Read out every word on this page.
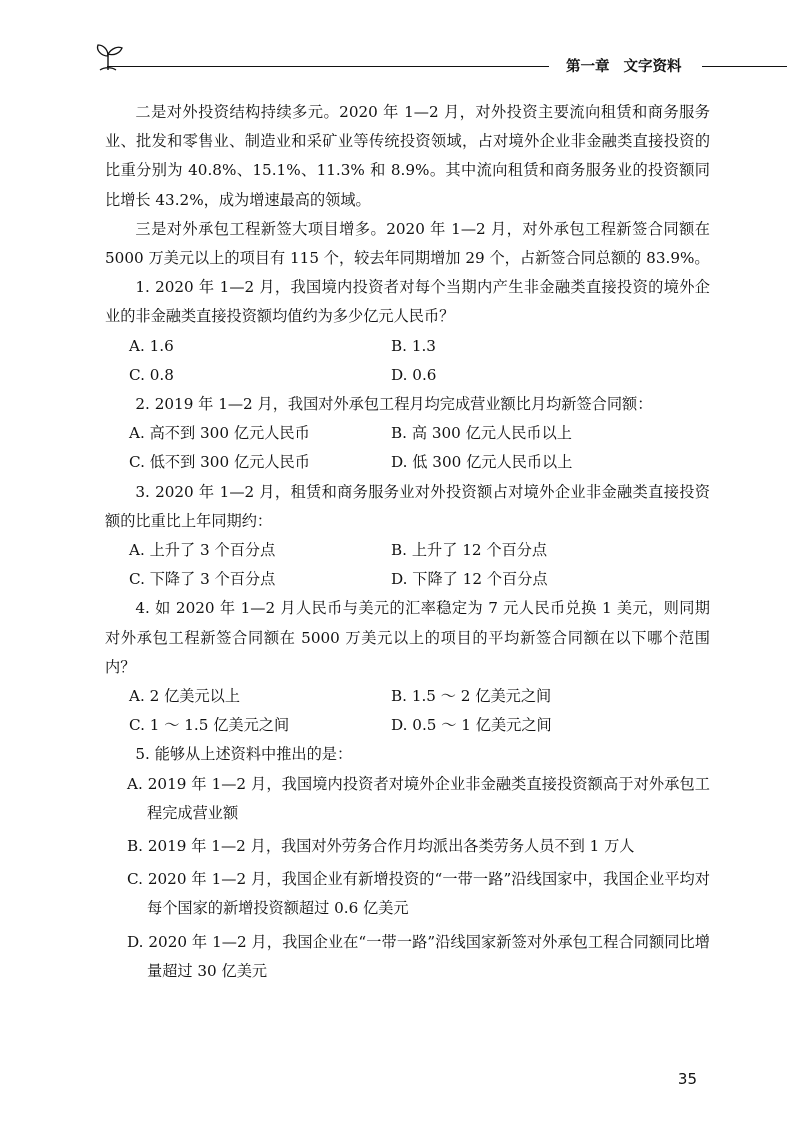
第一章 文字资料

二是对外投资结构持续多元。2020 年 1—2 月，对外投资主要流向租赁和商务服务业、批发和零售业、制造业和采矿业等传统投资领域，占对境外企业非金融类直接投资的比重分别为 40.8%、15.1%、11.3% 和 8.9%。其中流向租赁和商务服务业的投资额同比增长 43.2%，成为增速最高的领域。

三是对外承包工程新签大项目增多。2020 年 1—2 月，对外承包工程新签合同额在 5000 万美元以上的项目有 115 个，较去年同期增加 29 个，占新签合同总额的 83.9%。

1. 2020 年 1—2 月，我国境内投资者对每个当期内产生非金融类直接投资的境外企业的非金融类直接投资额均值约为多少亿元人民币？

A. 1.6	B. 1.3

C. 0.8	D. 0.6

2. 2019 年 1—2 月，我国对外承包工程月均完成营业额比月均新签合同额：

A. 高不到 300 亿元人民币	B. 高 300 亿元人民币以上

C. 低不到 300 亿元人民币	D. 低 300 亿元人民币以上

3. 2020 年 1—2 月，租赁和商务服务业对外投资额占对境外企业非金融类直接投资额的比重比上年同期约：

A. 上升了 3 个百分点	B. 上升了 12 个百分点

C. 下降了 3 个百分点	D. 下降了 12 个百分点

4. 如 2020 年 1—2 月人民币与美元的汇率稳定为 7 元人民币兑换 1 美元，则同期对外承包工程新签合同额在 5000 万美元以上的项目的平均新签合同额在以下哪个范围内？

A. 2 亿美元以上	B. 1.5 ～ 2 亿美元之间

C. 1 ～ 1.5 亿美元之间	D. 0.5 ～ 1 亿美元之间

5. 能够从上述资料中推出的是：

A. 2019 年 1—2 月，我国境内投资者对境外企业非金融类直接投资额高于对外承包工程完成营业额

B. 2019 年 1—2 月，我国对外劳务合作月均派出各类劳务人员不到 1 万人

C. 2020 年 1—2 月，我国企业有新增投资的“一带一路”沿线国家中，我国企业平均对每个国家的新增投资额超过 0.6 亿美元

D. 2020 年 1—2 月，我国企业在“一带一路”沿线国家新签对外承包工程合同额同比增量超过 30 亿美元

35
